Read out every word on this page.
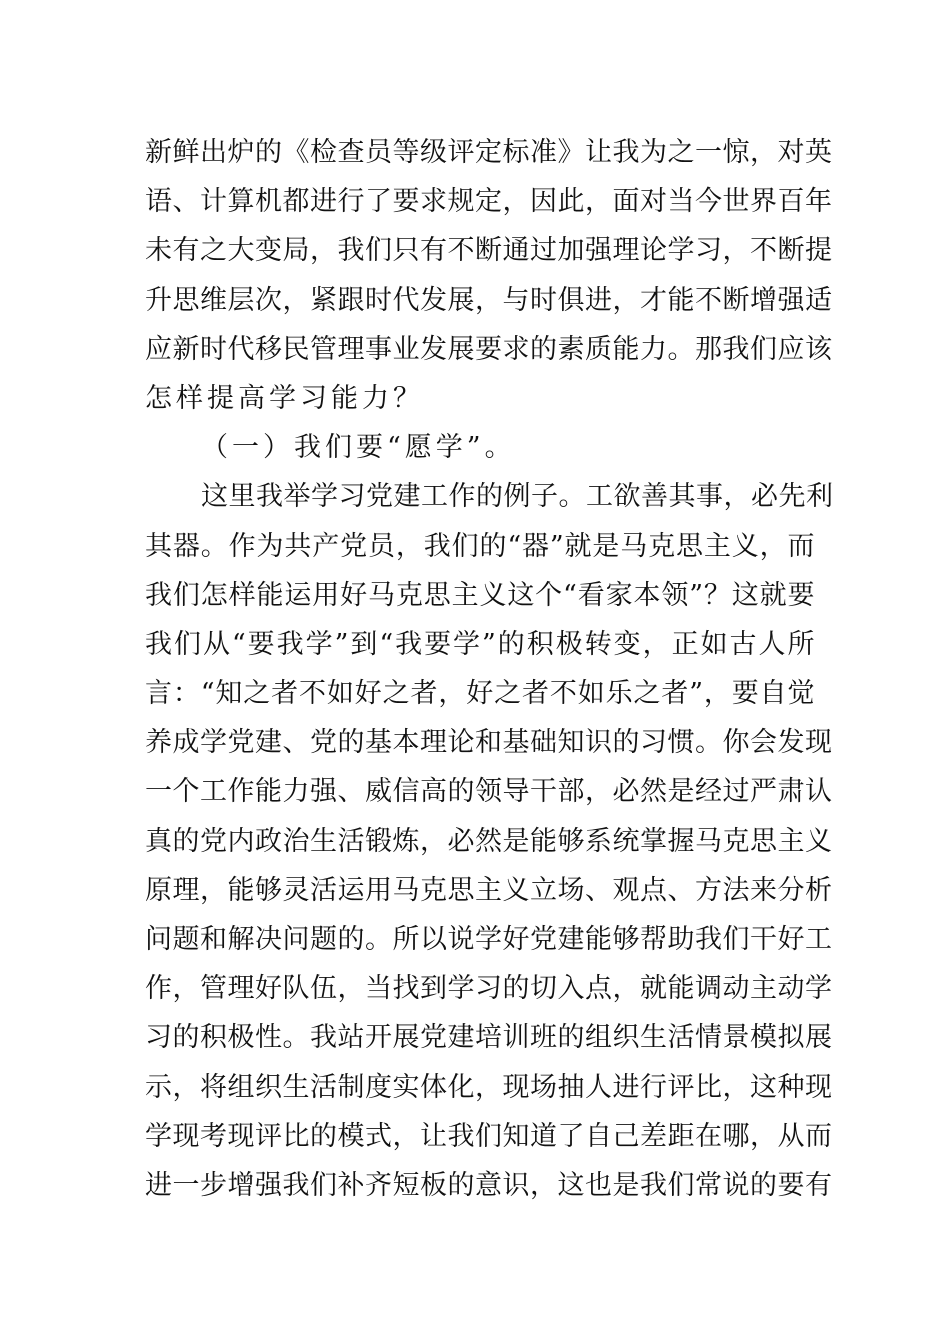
新鲜出炉的《检查员等级评定标准》让我为之一惊，对英
语、计算机都进行了要求规定，因此，面对当今世界百年
未有之大变局，我们只有不断通过加强理论学习，不断提
升思维层次，紧跟时代发展，与时俱进，才能不断增强适
应新时代移民管理事业发展要求的素质能力。那我们应该
怎样提高学习能力？
（一）我们要“愿学”。
这里我举学习党建工作的例子。工欲善其事，必先利
其器。作为共产党员，我们的“器”就是马克思主义，而
我们怎样能运用好马克思主义这个“看家本领”？这就要
我们从“要我学”到“我要学”的积极转变，正如古人所
言：“知之者不如好之者，好之者不如乐之者”，要自觉
养成学党建、党的基本理论和基础知识的习惯。你会发现
一个工作能力强、威信高的领导干部，必然是经过严肃认
真的党内政治生活锻炼，必然是能够系统掌握马克思主义
原理，能够灵活运用马克思主义立场、观点、方法来分析
问题和解决问题的。所以说学好党建能够帮助我们干好工
作，管理好队伍，当找到学习的切入点，就能调动主动学
习的积极性。我站开展党建培训班的组织生活情景模拟展
示，将组织生活制度实体化，现场抽人进行评比，这种现
学现考现评比的模式，让我们知道了自己差距在哪，从而
进一步增强我们补齐短板的意识，这也是我们常说的要有
